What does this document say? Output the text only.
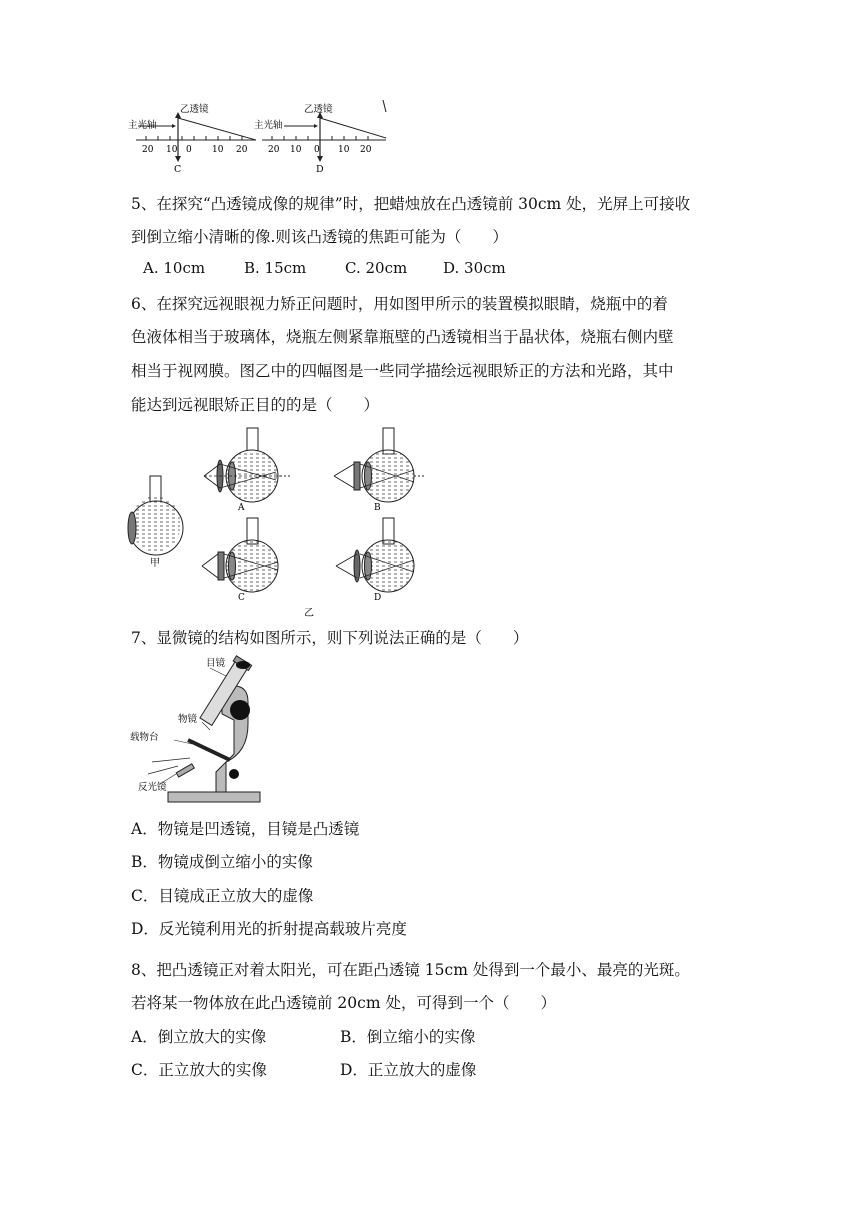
乙透镜
主光轴
20 10 0 10 20
C
乙透镜
主光轴
20 10 0 10 20
D
5、在探究“凸透镜成像的规律”时，把蜡烛放在凸透镜前 30cm 处，光屏上可接收
到倒立缩小清晰的像.则该凸透镜的焦距可能为（　　）
A. 10cm	B. 15cm	C. 20cm D. 30cm
6、在探究远视眼视力矫正问题时，用如图甲所示的装置模拟眼睛，烧瓶中的着
色液体相当于玻璃体，烧瓶左侧紧靠瓶壁的凸透镜相当于晶状体，烧瓶右侧内壁
相当于视网膜。图乙中的四幅图是一些同学描绘远视眼矫正的方法和光路，其中
能达到远视眼矫正目的的是（　　）
甲
A	B
C	D
乙
7、显微镜的结构如图所示，则下列说法正确的是（　　）
目镜
物镜
载物台
反光镜
A．物镜是凹透镜，目镜是凸透镜
B．物镜成倒立缩小的实像
C．目镜成正立放大的虚像
D．反光镜利用光的折射提高载玻片亮度
8、把凸透镜正对着太阳光，可在距凸透镜 15cm 处得到一个最小、最亮的光斑。
若将某一物体放在此凸透镜前 20cm 处，可得到一个（　　）
A．倒立放大的实像	B．倒立缩小的实像
C．正立放大的实像	D．正立放大的虚像
